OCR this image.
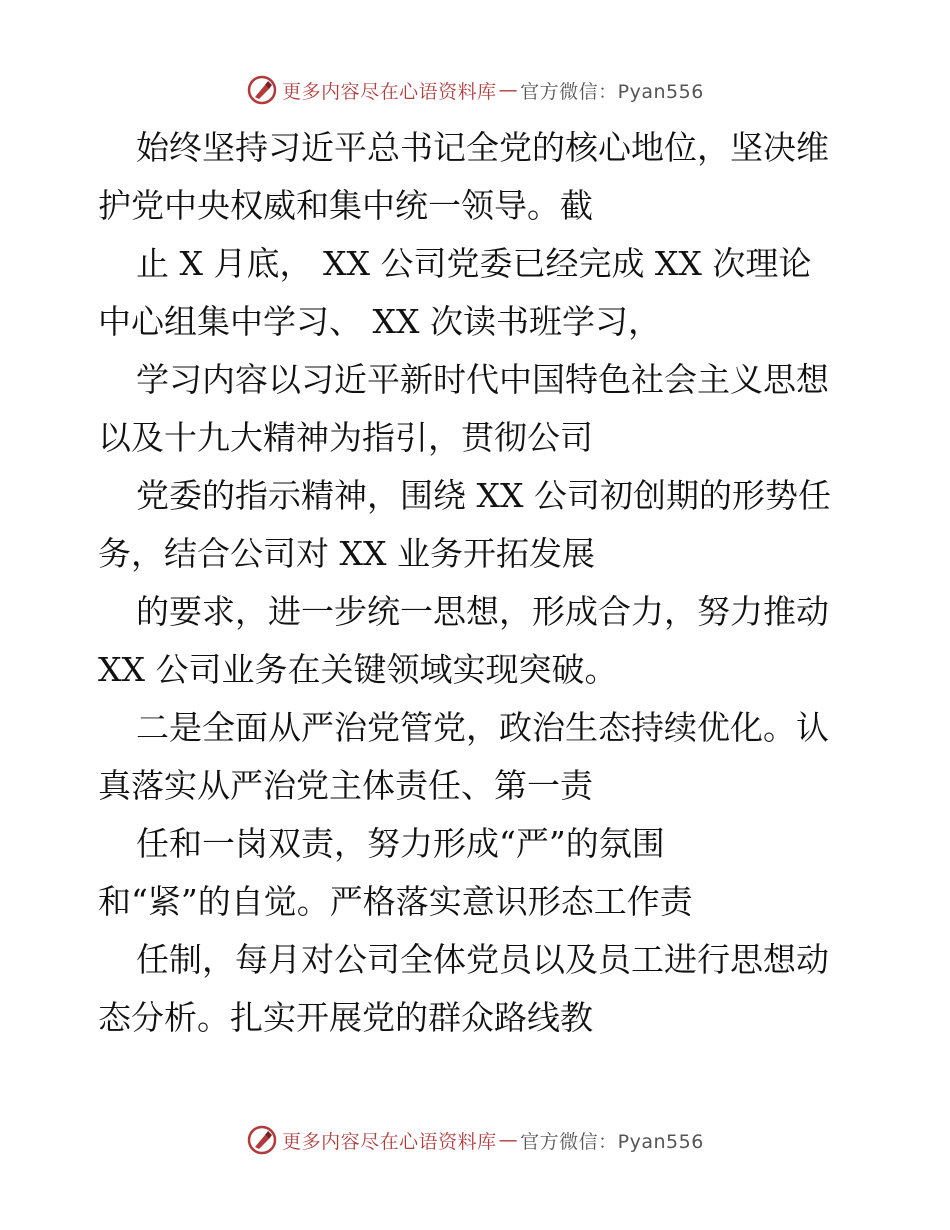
更多内容尽在心语资料库 — 官方微信：Pyan556
始终坚持习近平总书记全党的核心地位，坚决维
护党中央权威和集中统一领导。截
止 X 月底， XX 公司党委已经完成 XX 次理论
中心组集中学习、 XX 次读书班学习，
学习内容以习近平新时代中国特色社会主义思想
以及十九大精神为指引，贯彻公司
党委的指示精神，围绕 XX 公司初创期的形势任
务，结合公司对 XX 业务开拓发展
的要求，进一步统一思想，形成合力，努力推动
XX 公司业务在关键领域实现突破。
二是全面从严治党管党，政治生态持续优化。认
真落实从严治党主体责任、第一责
任和一岗双责，努力形成“严”的氛围
和“紧”的自觉。严格落实意识形态工作责
任制，每月对公司全体党员以及员工进行思想动
态分析。扎实开展党的群众路线教
更多内容尽在心语资料库 — 官方微信：Pyan556
